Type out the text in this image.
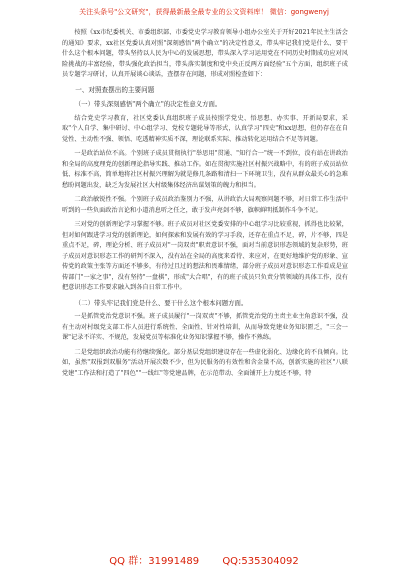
关注头条号"公文研究"，获得最新最全最专业的公文资料库！ 微信：gongwenyj

按照《xx市纪委机关、市委组织部、市委党史学习教育领导小组办公室关于开好2021年民主生活会的通知》要求，xx社区党委认真对照"深刻感悟"两个确立"的决定性意义，带头牢记我们党是什么、要干什么这个根本问题，带头坚持以人民为中心的发展思想，带头深入学习运用党在不同历史时期成功应对风险挑战的丰富经验，带头强化政治担当，带头落实制度和党中央正反两方面经验"五个方面，组织班子成员专题学习研讨，认真开展谈心谈话，查摆存在问题，形成对照检查如下：

一、对照查摆出的主要问题
（一）带头深刻感悟"两个确立"的决定性意义方面。

结合党史学习教育，社区党委认真组织班子成员按照学党史、悟思想、办实事、开新局要求，采取"个人自学、集中研讨、中心组学习、党校专题轮导等形式，认真学习"四史"和xx思想，但仍存在在自觉性、主动性不强、领悟、吃透精神实质不深，理论联系实际、推动转化运用结合不足等问题。

一是政治站位不高。个别班子成员贯彻执行"举思用"贯通、"知行合一"统一不到位，没有站在讲政治和全局的高度理党的创新理论指导实践、推动工作。如在贯彻实施社区村振兴战略中，有的班子成员站位低、标准不高，简单地将社区村振兴理解为就是修几条路和清扫一下环境卫生，没有从群众最关心的急难愁盼问题出发，缺乏为发展社区大村级集体经济出谋划策的魄力和担当。

二政治敏锐性不强。个别班子成员政治鉴别力不强，从讲政治大局观察问题不够，对日常工作生活中听到的一些负面政治言论和小道消息听之任之，敢于发声亮剑不够，旗帜鲜明抵制作斗争不足。

三对党的创新理论学习掌握不够。班子成员对社区党委安排的中心组学习比较重视，抓得也比较紧，但对如何跟进学习党的创新理论，如何探索和发展有效的学习手段，还存在重点不足，碎，片不够，四是重点不足，碎，理论分析、班子成员对"一岗双责"职责意识不强，面对当前意识形态领域的复杂形势，班子成员对意识形态工作的研判不深入，没有站在全局的高度来看待、来应对，在更好地维护党的形象、宣传党的政策主张等方面还不够多，有待过且过的想法和畏难情绪，部分班子成员对意识形态工作看成是宣传部门"一家之事"，没有坚持"一盘棋"，形成"大合唱"，有的班子成员只负责分管领域的具体工作，没有把意识形态工作要求融入到各自日常工作中。

（二）带头牢记我们党是什么、要干什么这个根本问题方面。

一是抓管党治党意识不强。班子成员履行"一岗双责"不够，抓管党治党的主责主业主角意识不强，没有主动对村级党支部工作人员进行系统性、全面性、针对性培训，从而导致党建业务知识匮乏，"三会一课"记录不详实、不规范，发展党员等标准化业务知识掌握不够，操作不熟练。

二是党组织政治功能有待继续强化。部分基层党组织建设存在一些虚化弱化、边缘化的不良倾向。比如，虽然"双报到双服务"活动开展次数不少，但为民服务的有效性和含金量不高，创新实施的社区"八联党建"工作法和打造了"四色""一线红"等党建品牌，在示范带动、全面铺开上力度还不够，特

QQ 群：31991489 QQ:535304092
